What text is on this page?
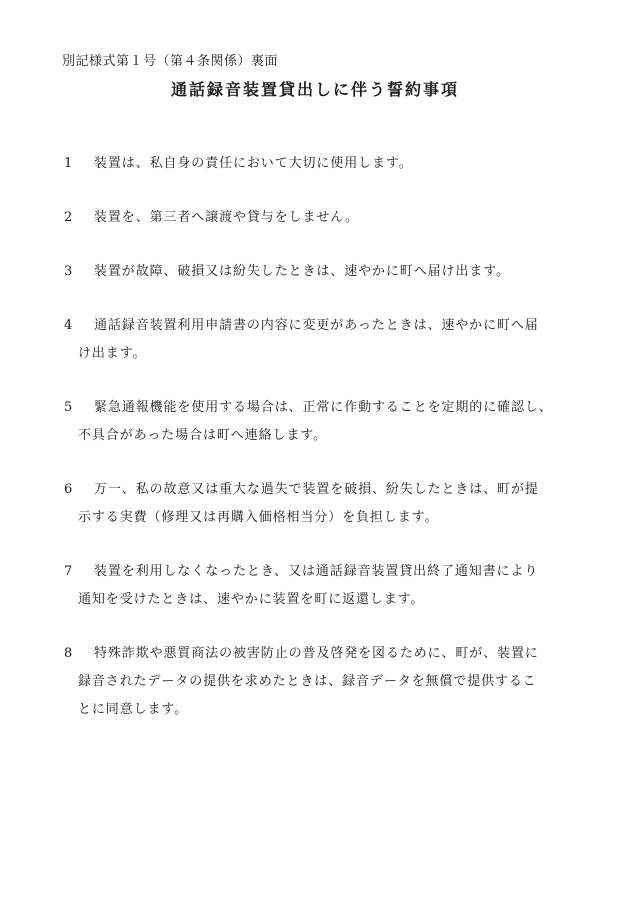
別記様式第１号（第４条関係）裏面
通話録音装置貸出しに伴う誓約事項
1	装置は、私自身の責任において大切に使用します。
2	装置を、第三者へ譲渡や貸与をしません。
3	装置が故障、破損又は紛失したときは、速やかに町へ届け出ます。
4	通話録音装置利用申請書の内容に変更があったときは、速やかに町へ届
け出ます。
5	緊急通報機能を使用する場合は、正常に作動することを定期的に確認し、
不具合があった場合は町へ連絡します。
6	万一、私の故意又は重大な過失で装置を破損、紛失したときは、町が提
示する実費（修理又は再購入価格相当分）を負担します。
7	装置を利用しなくなったとき、又は通話録音装置貸出終了通知書により
通知を受けたときは、速やかに装置を町に返還します。
8	特殊詐欺や悪質商法の被害防止の普及啓発を図るために、町が、装置に
録音されたデータの提供を求めたときは、録音データを無償で提供するこ
とに同意します。
